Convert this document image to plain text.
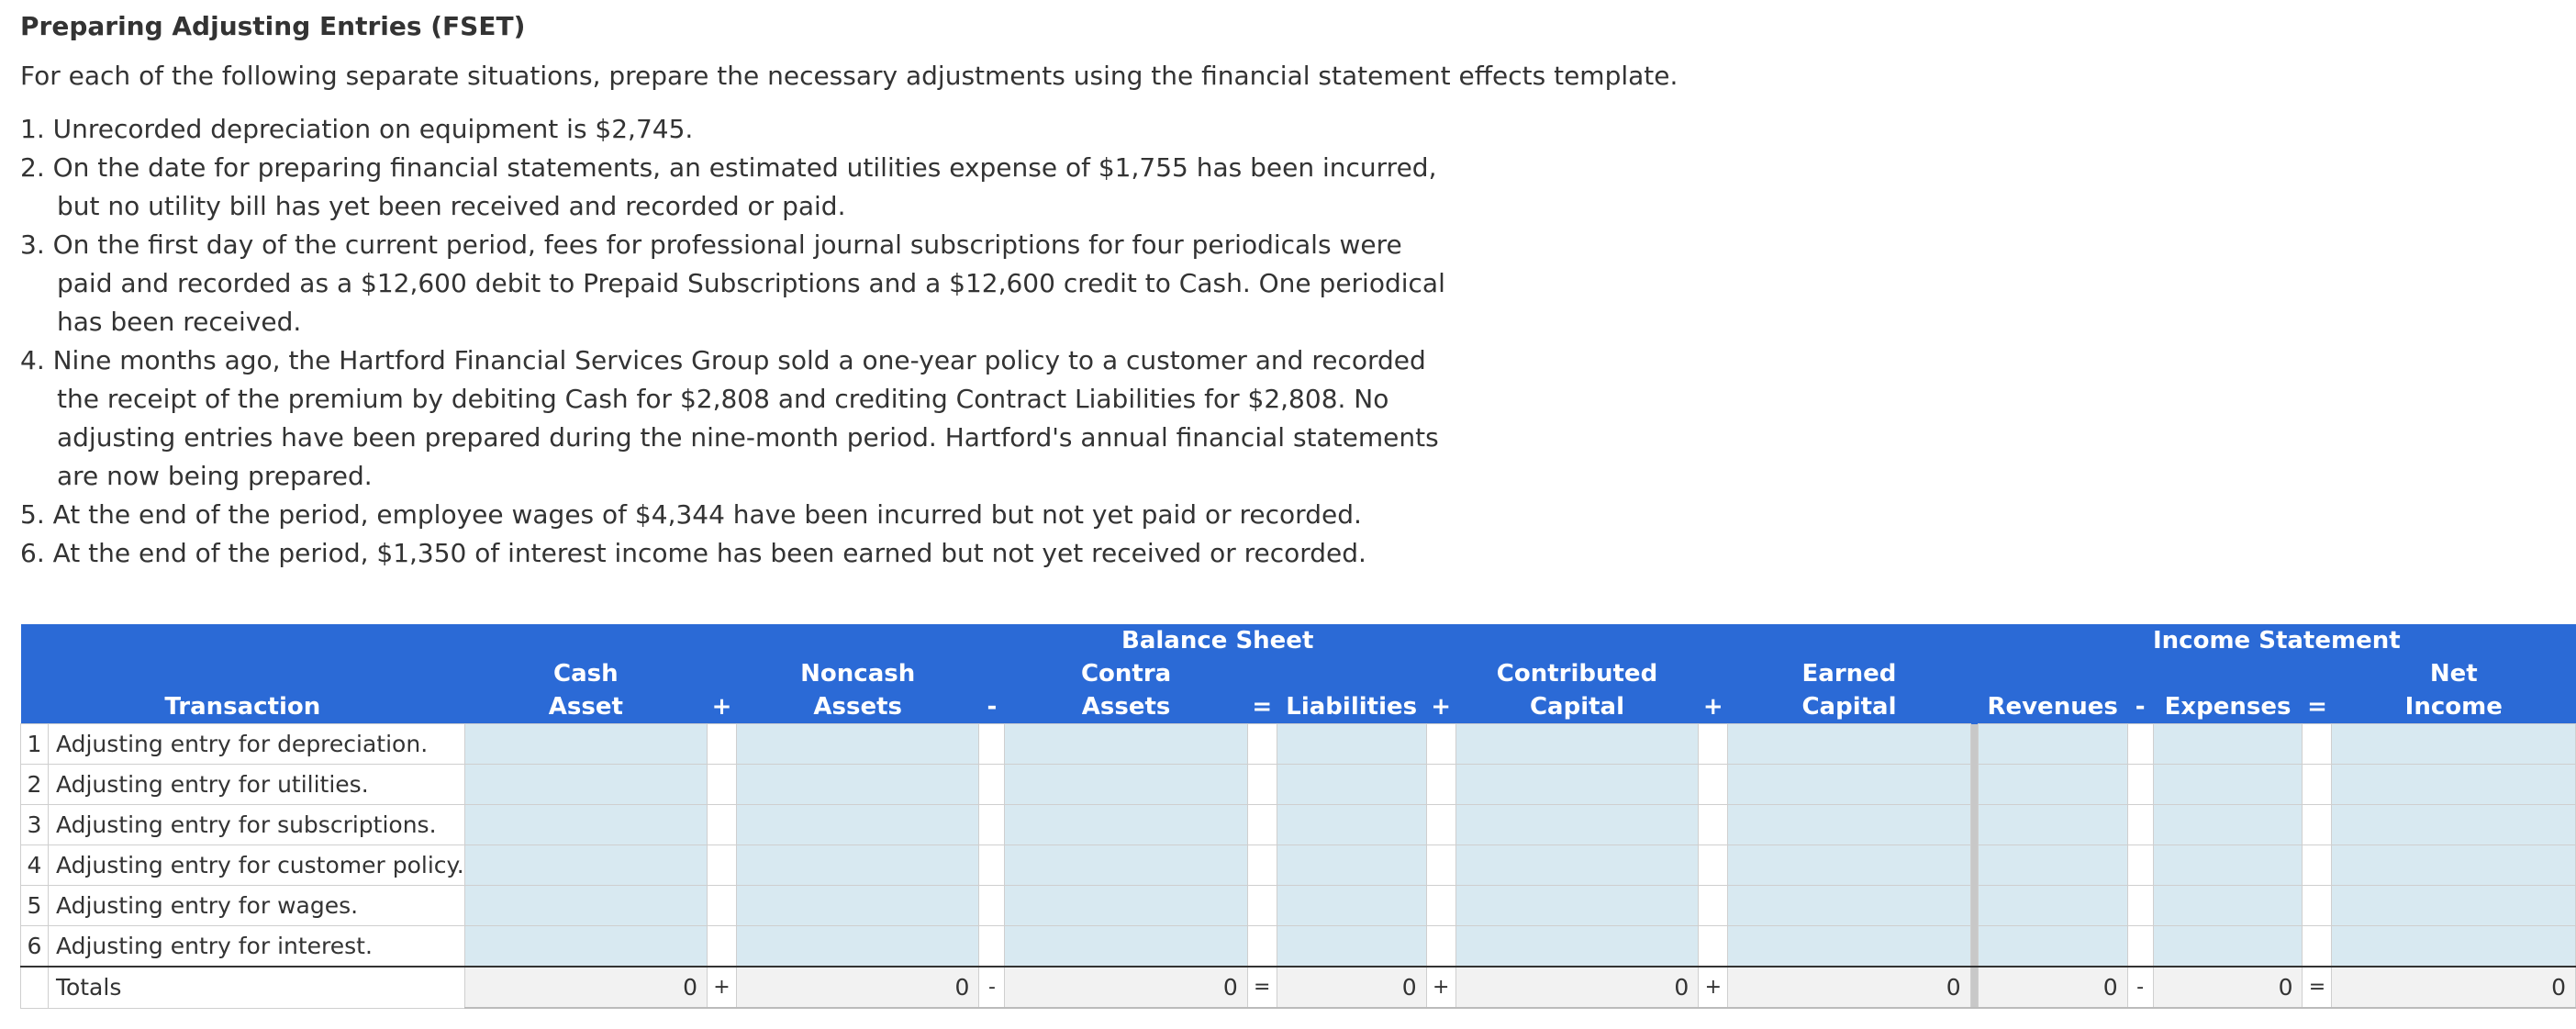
Preparing Adjusting Entries (FSET)
For each of the following separate situations, prepare the necessary adjustments using the financial statement effects template.
1. Unrecorded depreciation on equipment is $2,745.
2. On the date for preparing financial statements, an estimated utilities expense of $1,755 has been incurred, but no utility bill has yet been received and recorded or paid.
3. On the first day of the current period, fees for professional journal subscriptions for four periodicals were paid and recorded as a $12,600 debit to Prepaid Subscriptions and a $12,600 credit to Cash. One periodical has been received.
4. Nine months ago, the Hartford Financial Services Group sold a one-year policy to a customer and recorded the receipt of the premium by debiting Cash for $2,808 and crediting Contract Liabilities for $2,808. No adjusting entries have been prepared during the nine-month period. Hartford's annual financial statements are now being prepared.
5. At the end of the period, employee wages of $4,344 have been incurred but not yet paid or recorded.
6. At the end of the period, $1,350 of interest income has been earned but not yet received or recorded.
		Balance Sheet												Income Statement				
		Cash		Noncash		Contra				Contributed		Earned						Net
Transaction		Asset	+	Assets	-	Assets	=	Liabilities	+	Capital	+	Capital		Revenues	-	Expenses	=	Income
1	Adjusting entry for depreciation.																	
2	Adjusting entry for utilities.																	
3	Adjusting entry for subscriptions.																	
4	Adjusting entry for customer policy.																	
5	Adjusting entry for wages.																	
6	Adjusting entry for interest.																	
	Totals	0	+	0	-	0	=	0	+	0	+	0		0	-	0	=	0
